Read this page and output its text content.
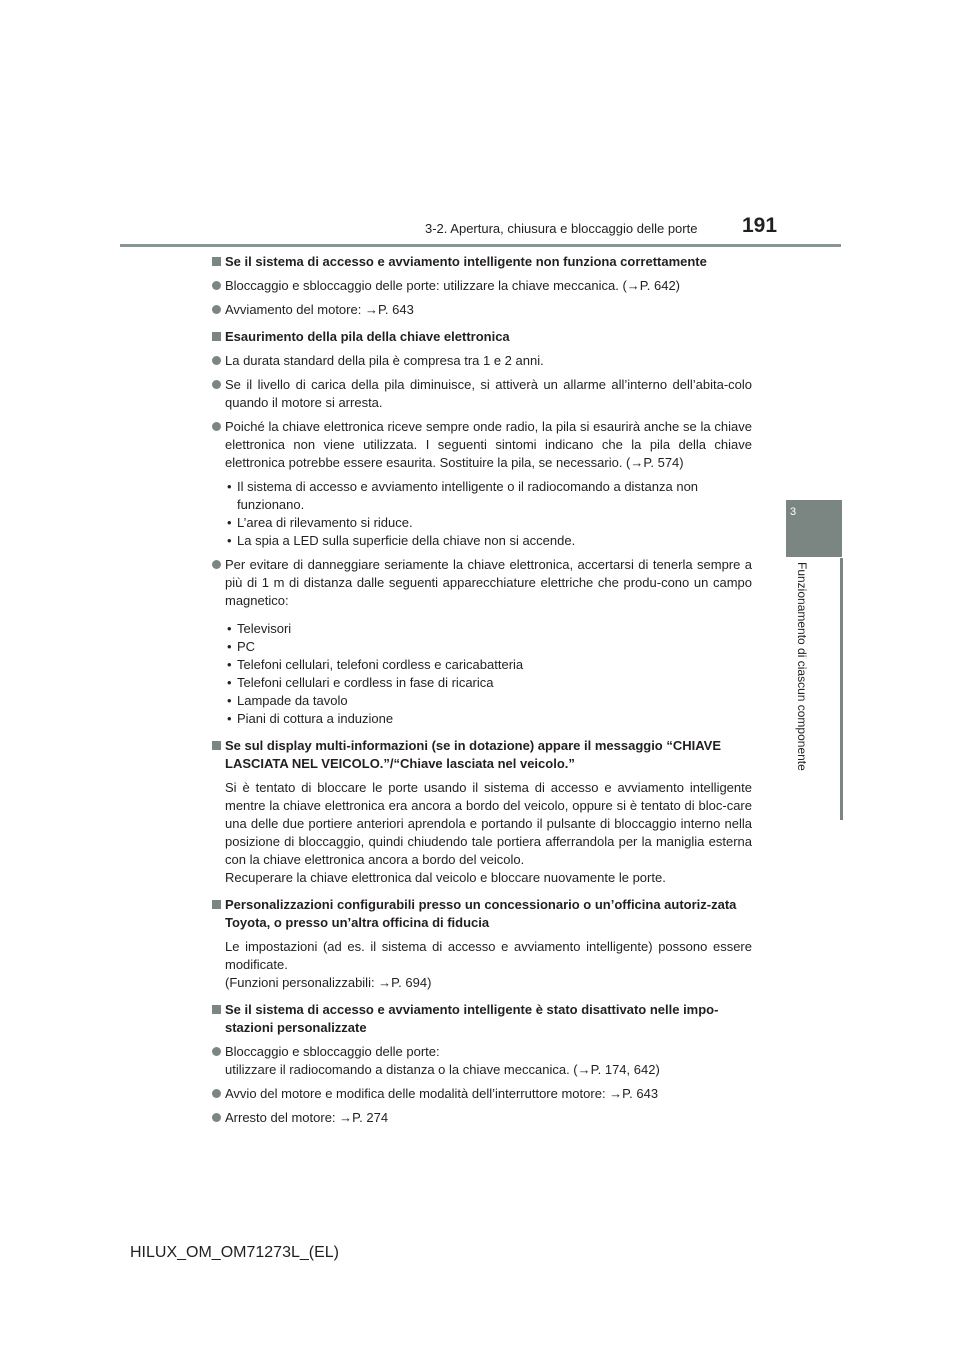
3-2. Apertura, chiusura e bloccaggio delle porte 191
3
Funzionamento di ciascun componente

Se il sistema di accesso e avviamento intelligente non funziona correttamente

Bloccaggio e sbloccaggio delle porte: utilizzare la chiave meccanica. (→P. 642)

Avviamento del motore: →P. 643

Esaurimento della pila della chiave elettronica

La durata standard della pila è compresa tra 1 e 2 anni.

Se il livello di carica della pila diminuisce, si attiverà un allarme all’interno dell’abita-colo quando il motore si arresta.

Poiché la chiave elettronica riceve sempre onde radio, la pila si esaurirà anche se la chiave elettronica non viene utilizzata. I seguenti sintomi indicano che la pila della chiave elettronica potrebbe essere esaurita. Sostituire la pila, se necessario. (→P. 574)

• Il sistema di accesso e avviamento intelligente o il radiocomando a distanza non funzionano.
• L’area di rilevamento si riduce.
• La spia a LED sulla superficie della chiave non si accende.

Per evitare di danneggiare seriamente la chiave elettronica, accertarsi di tenerla sempre a più di 1 m di distanza dalle seguenti apparecchiature elettriche che produ-cono un campo magnetico:

• Televisori
• PC
• Telefoni cellulari, telefoni cordless e caricabatteria
• Telefoni cellulari e cordless in fase di ricarica
• Lampade da tavolo
• Piani di cottura a induzione

Se sul display multi-informazioni (se in dotazione) appare il messaggio “CHIAVE LASCIATA NEL VEICOLO.”/“Chiave lasciata nel veicolo.”

Si è tentato di bloccare le porte usando il sistema di accesso e avviamento intelligente mentre la chiave elettronica era ancora a bordo del veicolo, oppure si è tentato di bloc-care una delle due portiere anteriori aprendola e portando il pulsante di bloccaggio interno nella posizione di bloccaggio, quindi chiudendo tale portiera afferrandola per la maniglia esterna con la chiave elettronica ancora a bordo del veicolo.
Recuperare la chiave elettronica dal veicolo e bloccare nuovamente le porte.

Personalizzazioni configurabili presso un concessionario o un’officina autoriz-zata Toyota, o presso un’altra officina di fiducia

Le impostazioni (ad es. il sistema di accesso e avviamento intelligente) possono essere modificate.
(Funzioni personalizzabili: →P. 694)

Se il sistema di accesso e avviamento intelligente è stato disattivato nelle impo-stazioni personalizzate

Bloccaggio e sbloccaggio delle porte:
utilizzare il radiocomando a distanza o la chiave meccanica. (→P. 174, 642)

Avvio del motore e modifica delle modalità dell’interruttore motore: →P. 643

Arresto del motore: →P. 274

HILUX_OM_OM71273L_(EL)
